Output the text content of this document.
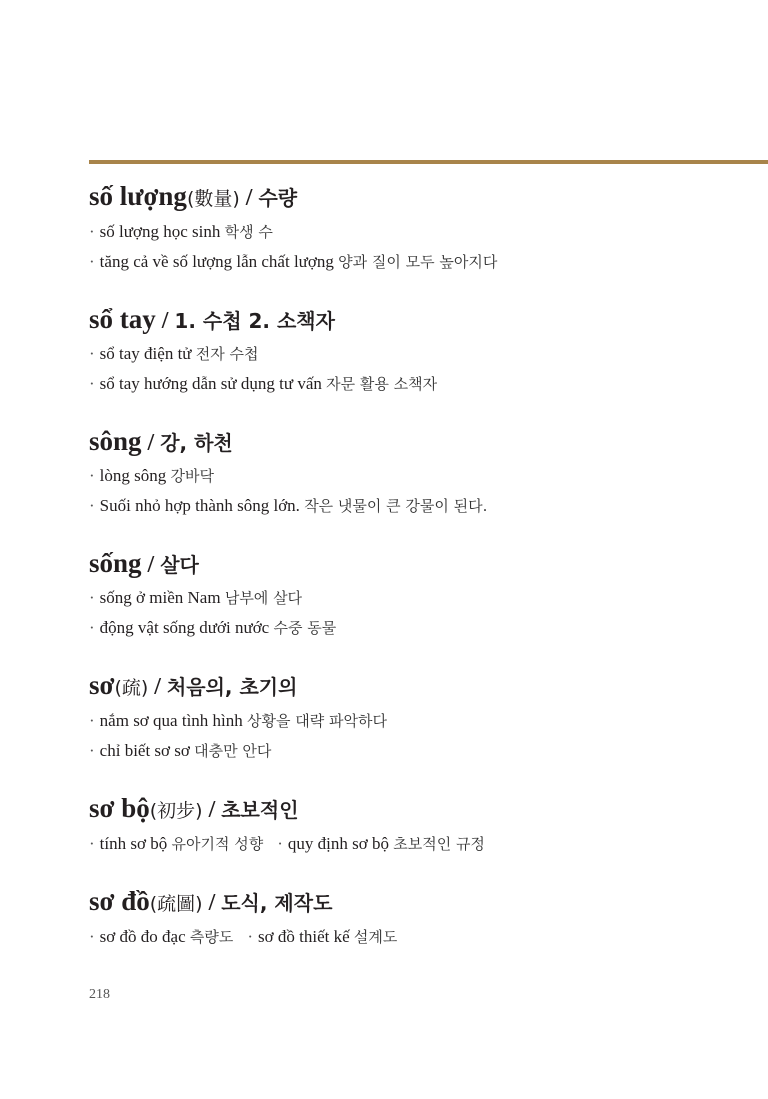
số lượng(數量) / 수량
· số lượng học sinh 학생 수
· tăng cả về số lượng lẫn chất lượng 양과 질이 모두 높아지다
sổ tay / 1. 수첩 2. 소책자
· sổ tay điện tử 전자 수첩
· sổ tay hướng dẫn sử dụng tư vấn 자문 활용 소책자
sông / 강, 하천
· lòng sông 강바닥
· Suối nhỏ hợp thành sông lớn. 작은 냇물이 큰 강물이 된다.
sống / 살다
· sống ở miền Nam 남부에 살다
· động vật sống dưới nước 수중 동물
sơ(疏) / 처음의, 초기의
· nắm sơ qua tình hình 상황을 대략 파악하다
· chỉ biết sơ sơ 대충만 안다
sơ bộ(初步) / 초보적인
· tính sơ bộ 유아기적 성향 · quy định sơ bộ 초보적인 규정
sơ đồ(疏圖) / 도식, 제작도
· sơ đồ đo đạc 측량도 · sơ đồ thiết kế 설계도
218
